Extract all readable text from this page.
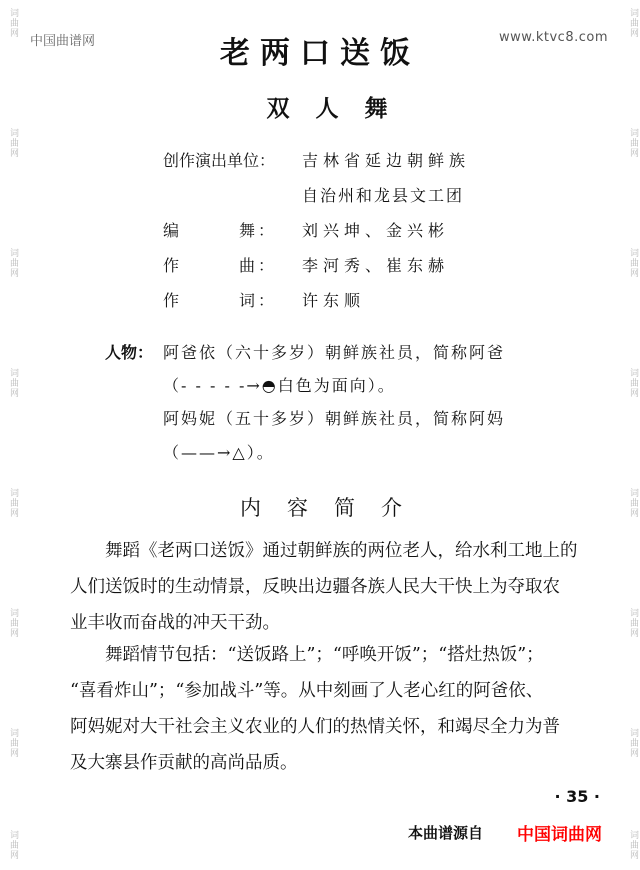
词曲网
词曲网
词曲网
词曲网
词曲网
词曲网
词曲网
词曲网
词曲网
词曲网
词曲网
词曲网
词曲网
词曲网
词曲网
词曲网
中国曲谱网	www.ktvc8.com
老两口送饭
双人舞
创作演出单位： 吉林省延边朝鲜族
自治州和龙县文工团
编　　　舞： 刘兴坤、金兴彬
作　　　曲： 李河秀、崔东赫
作　　　词： 许东顺
人物： 阿爸依（六十多岁）朝鲜族社员，简称阿爸
（- - - - -→◓白色为面向）。
阿妈妮（五十多岁）朝鲜族社员，简称阿妈
（——→△）。
内容简介
　　舞蹈《老两口送饭》通过朝鲜族的两位老人，给水利工地上的
人们送饭时的生动情景，反映出边疆各族人民大干快上为夺取农
业丰收而奋战的冲天干劲。
　　舞蹈情节包括：“送饭路上”；“呼唤开饭”；“搭灶热饭”；
“喜看炸山”；“参加战斗”等。从中刻画了人老心红的阿爸依、
阿妈妮对大干社会主义农业的人们的热情关怀，和竭尽全力为普
及大寨县作贡献的高尚品质。
· 35 ·
本曲谱源自 中国词曲网
